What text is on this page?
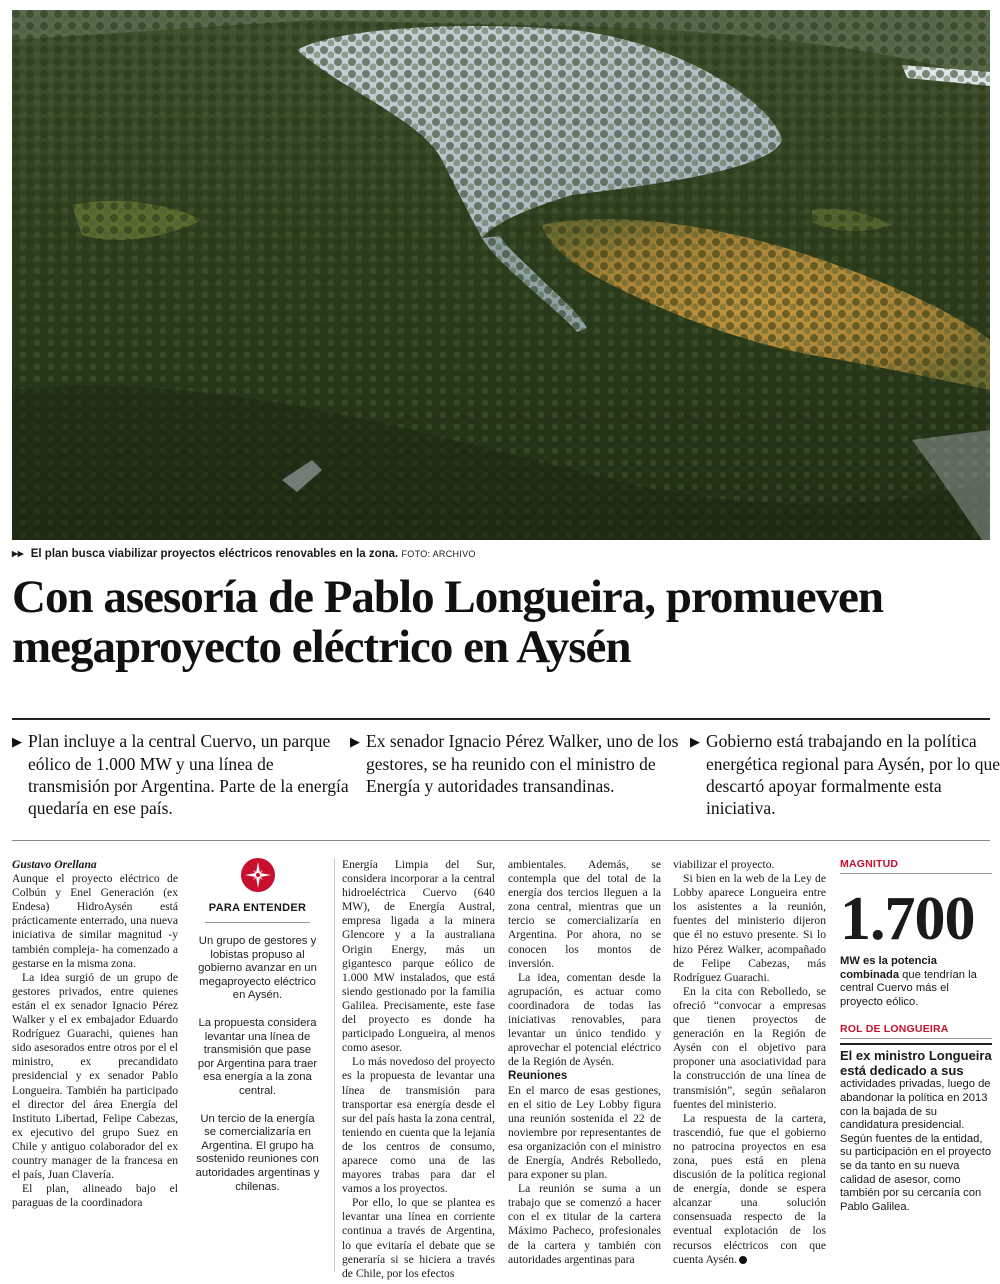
▸▸ El plan busca viabilizar proyectos eléctricos renovables en la zona. FOTO: ARCHIVO
Con asesoría de Pablo Longueira, promueven
megaproyecto eléctrico en Aysén
▶ Plan incluye a la central Cuervo, un parque eólico de 1.000 MW y una línea de transmisión por Argentina. Parte de la energía quedaría en ese país.
▶ Ex senador Ignacio Pérez Walker, uno de los gestores, se ha reunido con el ministro de Energía y autoridades transandinas.
▶ Gobierno está trabajando en la política energética regional para Aysén, por lo que descartó apoyar formalmente esta iniciativa.

Gustavo Orellana

Aunque el proyecto eléctrico de Colbún y Enel Generación (ex Endesa) HidroAysén está prácticamente enterrado, una nueva iniciativa de similar magnitud -y también compleja- ha comenzado a gestarse en la misma zona.

La idea surgió de un grupo de gestores privados, entre quienes están el ex senador Ignacio Pérez Walker y el ex embajador Eduardo Rodríguez Guarachi, quienes han sido asesorados entre otros por el el ministro, ex precandidato presidencial y ex senador Pablo Longueira. También ha participado el director del área Energía del Instituto Libertad, Felipe Cabezas, ex ejecutivo del grupo Suez en Chile y antiguo colaborador del ex country manager de la francesa en el país, Juan Clavería.

El plan, alineado bajo el paraguas de la coordinadora

PARA ENTENDER

Un grupo de gestores y lobistas propuso al gobierno avanzar en un megaproyecto eléctrico en Aysén.

La propuesta considera levantar una línea de transmisión que pase por Argentina para traer esa energía a la zona central.

Un tercio de la energía se comercializaría en Argentina. El grupo ha sostenido reuniones con autoridades argentinas y chilenas.

Energía Limpia del Sur, considera incorporar a la central hidroeléctrica Cuervo (640 MW), de Energía Austral, empresa ligada a la minera Glencore y a la australiana Origin Energy, más un gigantesco parque eólico de 1.000 MW instalados, que está siendo gestionado por la familia Galilea. Precisamente, este fase del proyecto es donde ha participado Longueira, al menos como asesor.

Lo más novedoso del proyecto es la propuesta de levantar una línea de transmisión para transportar esa energía desde el sur del país hasta la zona central, teniendo en cuenta que la lejanía de los centros de consumo, aparece como una de las mayores trabas para dar el vamos a los proyectos.

Por ello, lo que se plantea es levantar una línea en corriente continua a través de Argentina, lo que evitaría el debate que se generaría si se hiciera a través de Chile, por los efectos

ambientales. Además, se contempla que del total de la energía dos tercios lleguen a la zona central, mientras que un tercio se comercializaría en Argentina. Por ahora, no se conocen los montos de inversión.

La idea, comentan desde la agrupación, es actuar como coordinadora de todas las iniciativas renovables, para levantar un único tendido y aprovechar el potencial eléctrico de la Región de Aysén.

Reuniones

En el marco de esas gestiones, en el sitio de Ley Lobby figura una reunión sostenida el 22 de noviembre por representantes de esa organización con el ministro de Energía, Andrés Rebolledo, para exponer su plan.

La reunión se suma a un trabajo que se comenzó a hacer con el ex titular de la cartera Máximo Pacheco, profesionales de la cartera y también con autoridades argentinas para

viabilizar el proyecto.

Si bien en la web de la Ley de Lobby aparece Longueira entre los asistentes a la reunión, fuentes del ministerio dijeron que él no estuvo presente. Si lo hizo Pérez Walker, acompañado de Felipe Cabezas, más Rodríguez Guarachi.

En la cita con Rebolledo, se ofreció “convocar a empresas que tienen proyectos de generación en la Región de Aysén con el objetivo para proponer una asociatividad para la construcción de una línea de transmisión”, según señalaron fuentes del ministerio.

La respuesta de la cartera, trascendió, fue que el gobierno no patrocina proyectos en esa zona, pues está en plena discusión de la política regional de energía, donde se espera alcanzar una solución consensuada respecto de la eventual explotación de los recursos eléctricos con que cuenta Aysén.

MAGNITUD
1.700
MW es la potencia combinada que tendrían la central Cuervo más el proyecto eólico.
ROL DE LONGUEIRA
El ex ministro Longueira está dedicado a sus
actividades privadas, luego de abandonar la política en 2013 con la bajada de su candidatura presidencial. Según fuentes de la entidad, su participación en el proyecto se da tanto en su nueva calidad de asesor, como también por su cercanía con Pablo Galilea.
